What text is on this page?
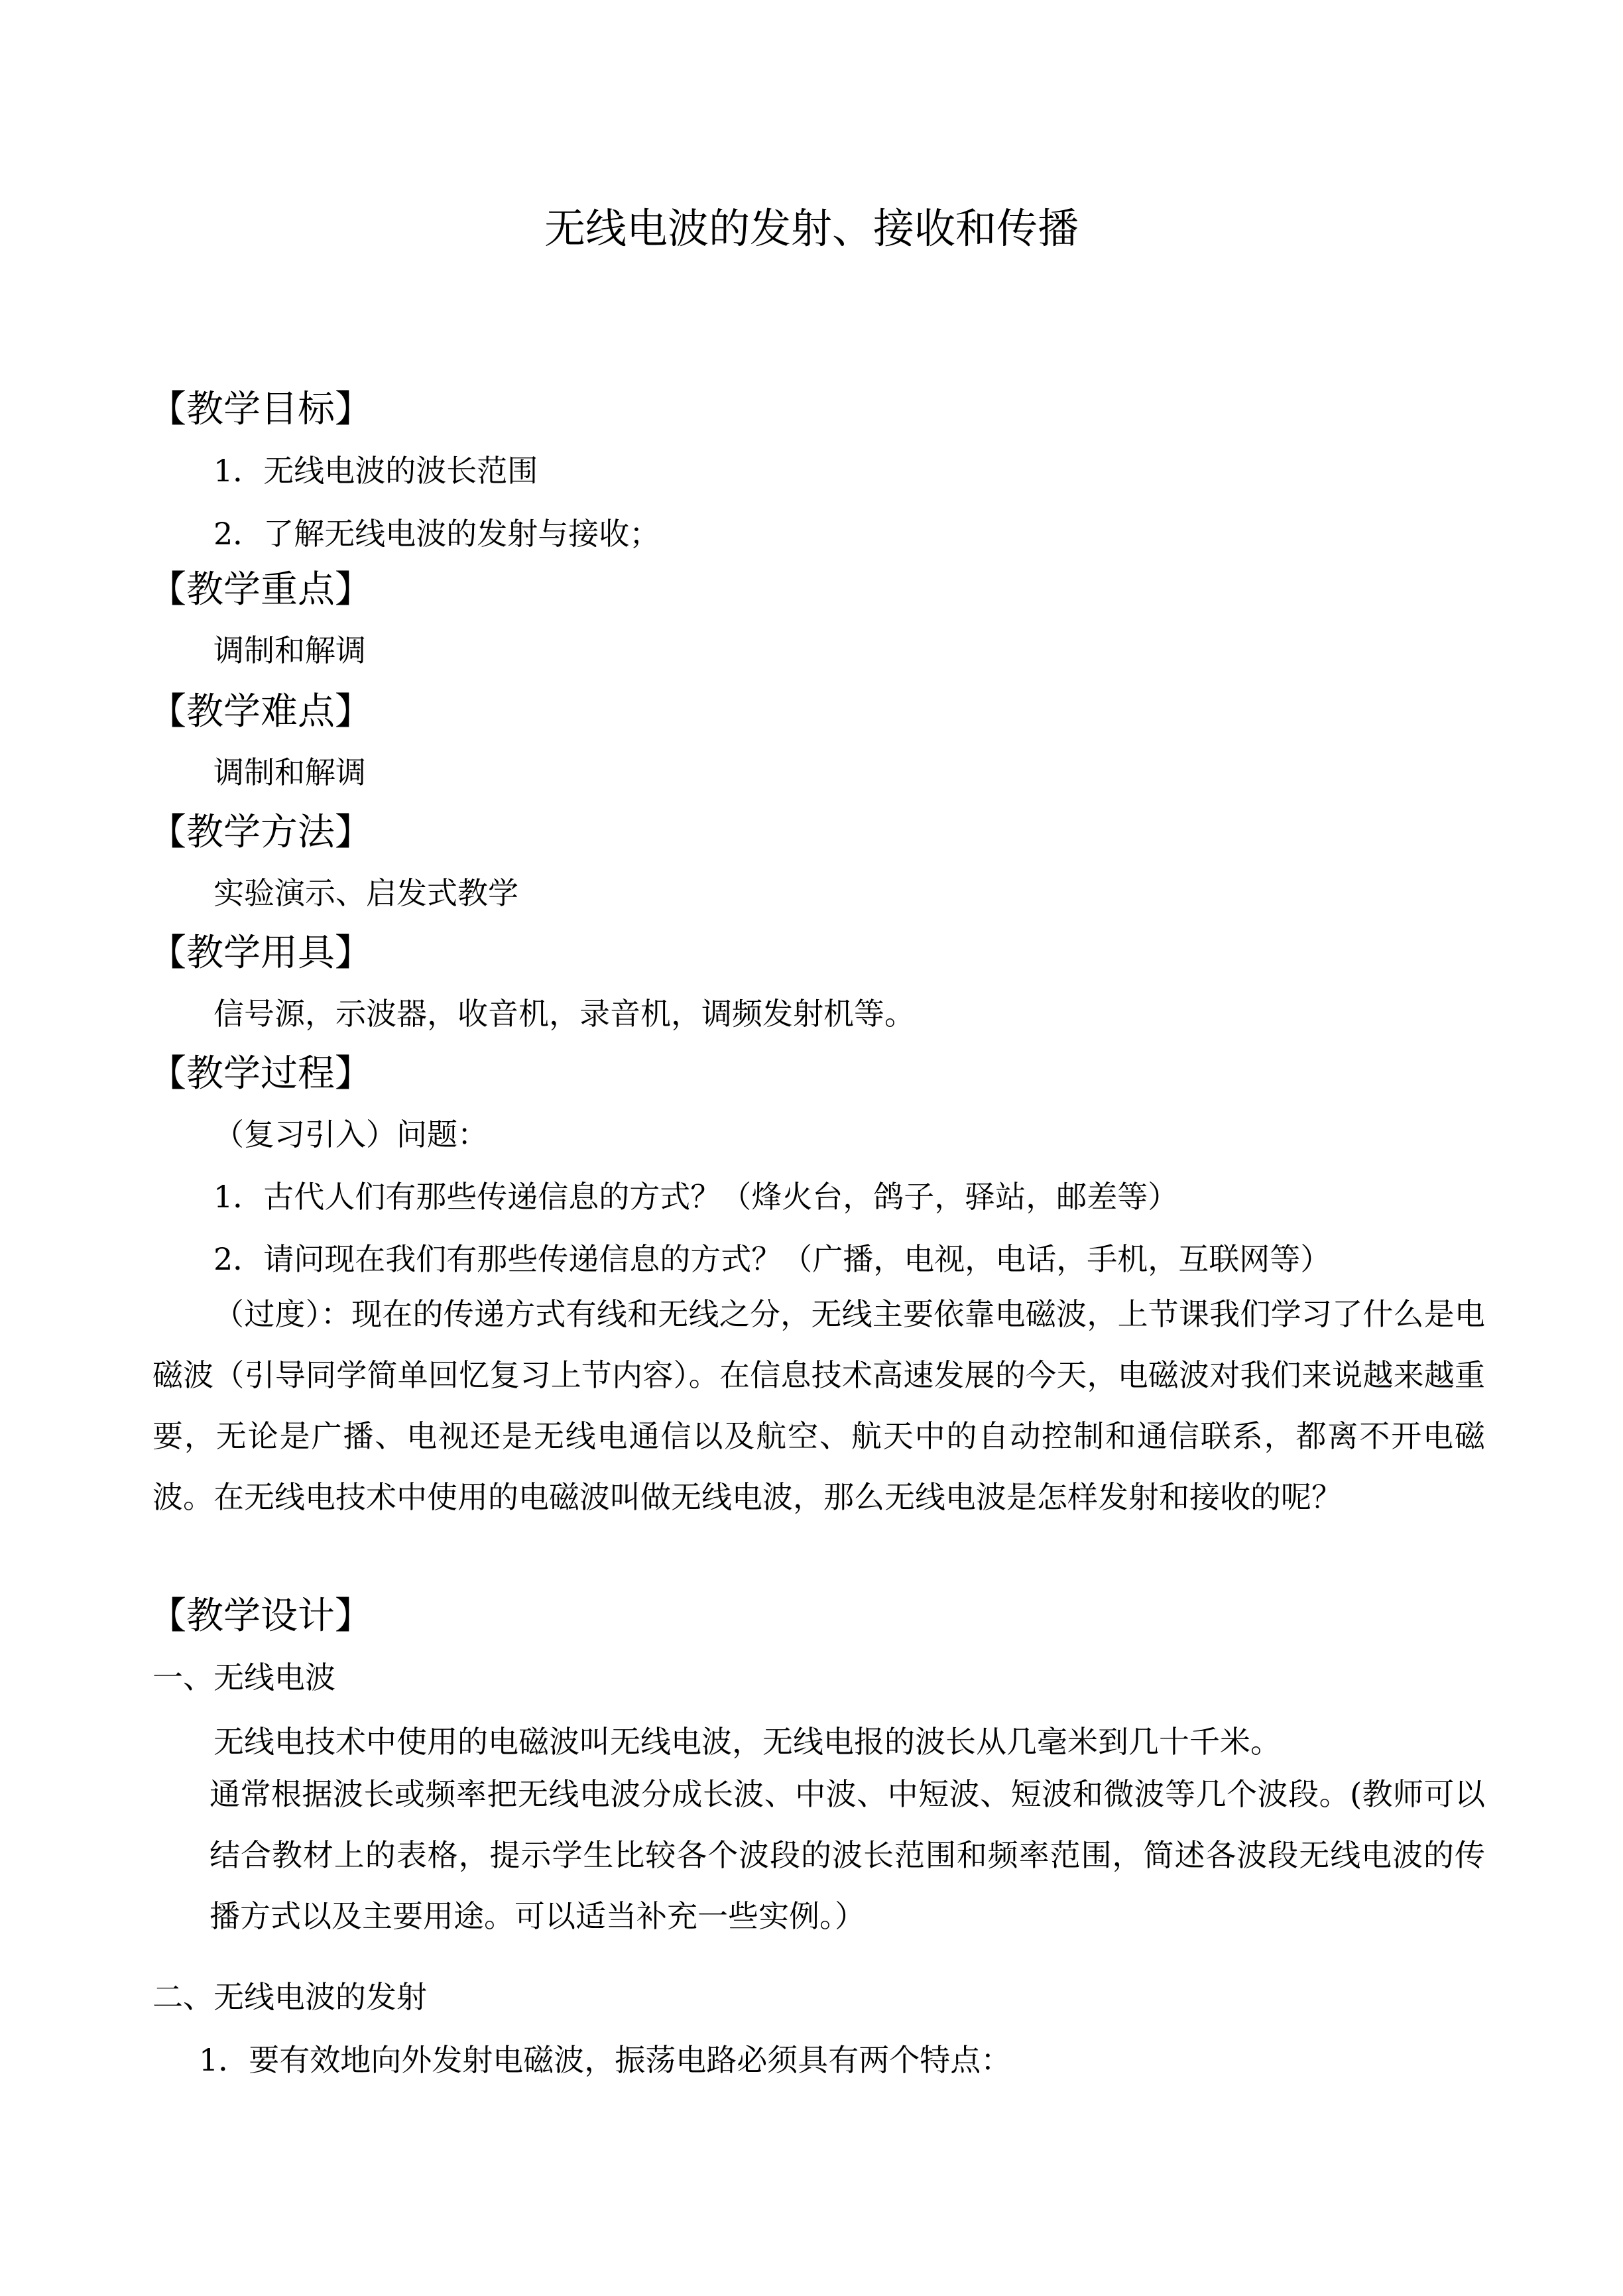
无线电波的发射、接收和传播
【教学目标】

1．无线电波的波长范围

2．了解无线电波的发射与接收；

【教学重点】

调制和解调

【教学难点】

调制和解调

【教学方法】

实验演示、启发式教学

【教学用具】

信号源，示波器，收音机，录音机，调频发射机等。

【教学过程】

（复习引入）问题：

1．古代人们有那些传递信息的方式？（烽火台，鸽子，驿站，邮差等）

2．请问现在我们有那些传递信息的方式？（广播，电视，电话，手机，互联网等）

（过度）：现在的传递方式有线和无线之分，无线主要依靠电磁波，上节课我们学习了什么是电磁波（引导同学简单回忆复习上节内容）。在信息技术高速发展的今天，电磁波对我们来说越来越重要，无论是广播、电视还是无线电通信以及航空、航天中的自动控制和通信联系，都离不开电磁波。在无线电技术中使用的电磁波叫做无线电波，那么无线电波是怎样发射和接收的呢？

【教学设计】

一、无线电波

无线电技术中使用的电磁波叫无线电波，无线电报的波长从几毫米到几十千米。

通常根据波长或频率把无线电波分成长波、中波、中短波、短波和微波等几个波段。(教师可以结合教材上的表格，提示学生比较各个波段的波长范围和频率范围，简述各波段无线电波的传播方式以及主要用途。可以适当补充一些实例。）

二、无线电波的发射

1．要有效地向外发射电磁波，振荡电路必须具有两个特点：
